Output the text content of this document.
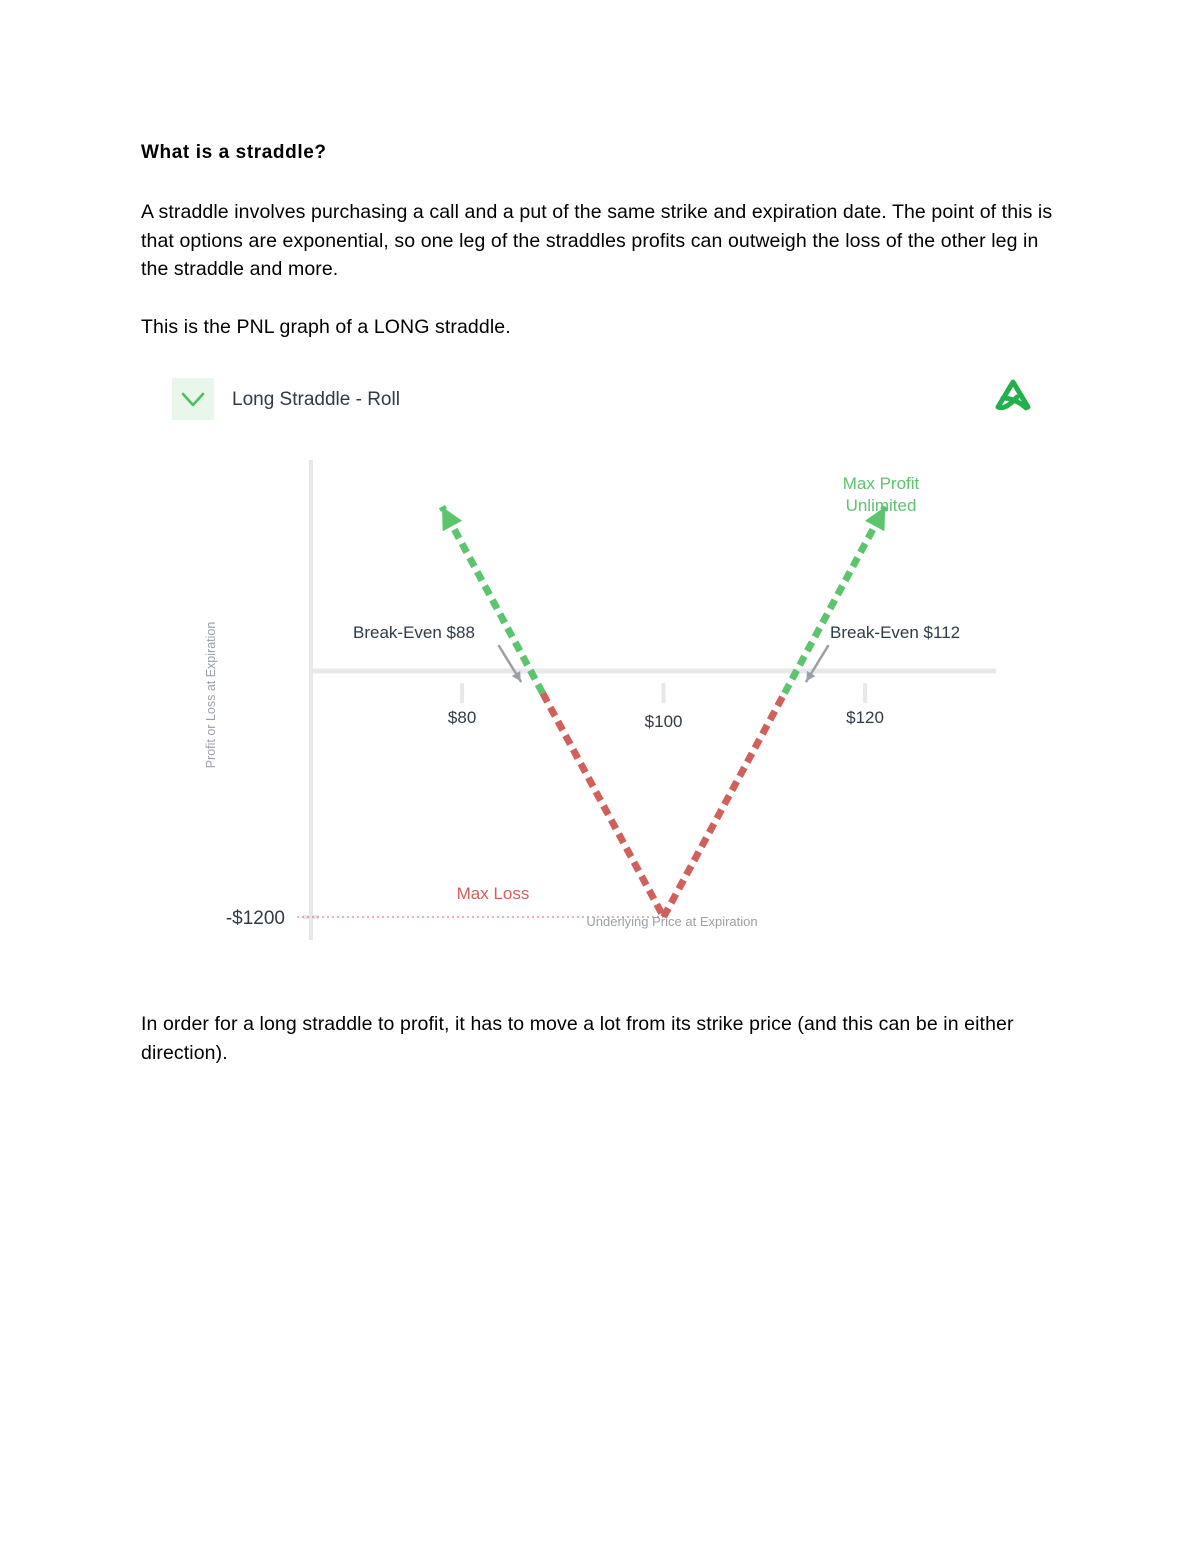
What is a straddle?

A straddle involves purchasing a call and a put of the same strike and expiration date. The point of this is that options are exponential, so one leg of the straddles profits can outweigh the loss of the other leg in the straddle and more.

This is the PNL graph of a LONG straddle.

Long Straddle - Roll
$80	$100	$120
-$1200
Break-Even $88	Break-Even $112
Max Profit
Unlimited
Max Loss
Profit or Loss at Expiration
Underlying Price at Expiration

In order for a long straddle to profit, it has to move a lot from its strike price (and this can be in either direction).
